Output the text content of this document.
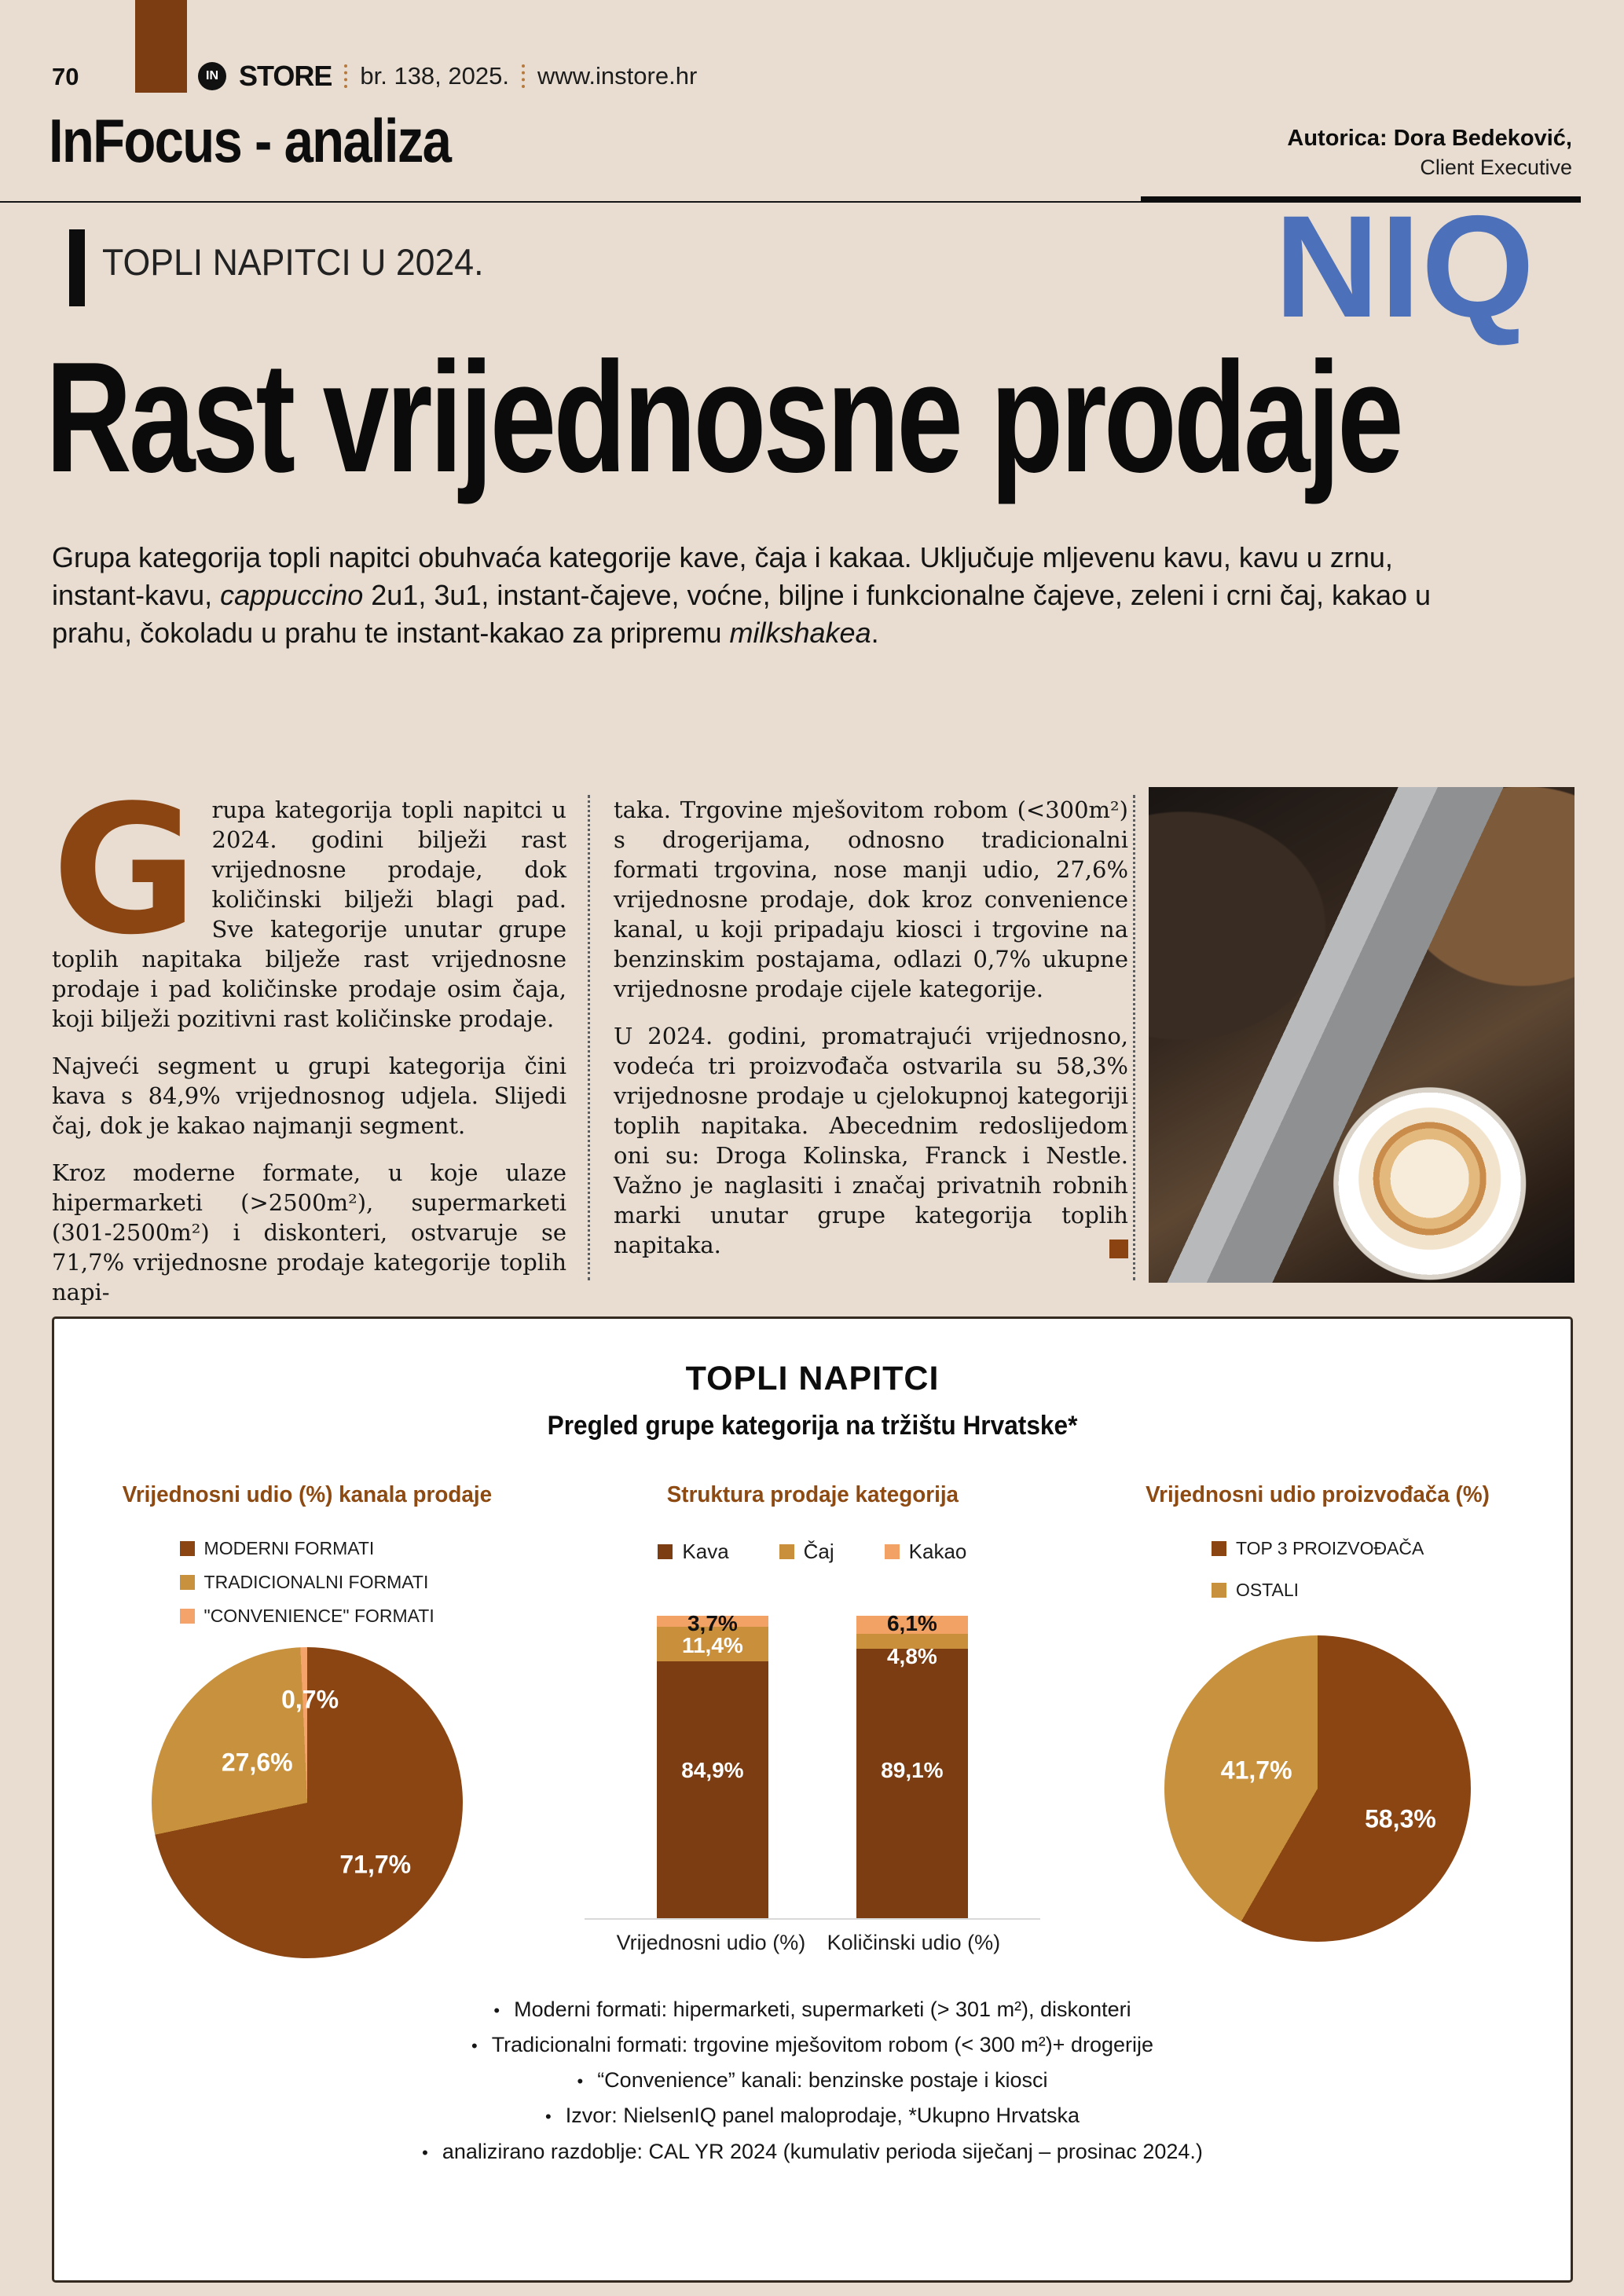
70	IN STORE br. 138, 2025. www.instore.hr
InFocus - analiza	Autorica: Dora Bedeković,
Client Executive
TOPLI NAPITCI U 2024.	NIQ
Rast vrijednosne prodaje
Grupa kategorija topli napitci obuhvaća kategorije kave, čaja i kakaa. Uključuje mljevenu kavu, kavu u zrnu, instant-kavu, cappuccino 2u1, 3u1, instant-čajeve, voćne, biljne i funkcionalne čajeve, zeleni i crni čaj, kakao u prahu, čokoladu u prahu te instant-kakao za pripremu milkshakea.

Grupa kategorija topli napitci u 2024. godini bilježi rast vrijednosne prodaje, dok količinski bilježi blagi pad. Sve kategorije unutar grupe toplih napitaka bilježe rast vrijednosne prodaje i pad količinske prodaje osim čaja, koji bilježi pozitivni rast količinske prodaje.

Najveći segment u grupi kategorija čini kava s 84,9% vrijednosnog udjela. Slijedi čaj, dok je kakao najmanji segment.

Kroz moderne formate, u koje ulaze hipermarketi (>2500m²), supermarketi (301-2500m²) i diskonteri, ostvaruje se 71,7% vrijednosne prodaje kategorije toplih napi-

taka. Trgovine mješovitom robom (<300m²) s drogerijama, odnosno tradicionalni formati trgovina, nose manji udio, 27,6% vrijednosne prodaje, dok kroz convenience kanal, u koji pripadaju kiosci i trgovine na benzinskim postajama, odlazi 0,7% ukupne vrijednosne prodaje cijele kategorije.

U 2024. godini, promatrajući vrijednosno, vodeća tri proizvođača ostvarila su 58,3% vrijednosne prodaje u cjelokupnoj kategoriji toplih napitaka. Abecednim redoslijedom oni su: Droga Kolinska, Franck i Nestle. Važno je naglasiti i značaj privatnih robnih marki unutar grupe kategorija toplih napitaka.

TOPLI NAPITCI
Pregled grupe kategorija na tržištu Hrvatske*
Vrijednosni udio (%) kanala prodaje
MODERNI FORMATI
TRADICIONALNI FORMATI
"CONVENIENCE" FORMATI
71,7%
27,6%
0,7%
Struktura prodaje kategorija
Kava	Čaj	Kakao
3,7%
11,4%
84,9%
6,1%
4,8%
89,1%
Vrijednosni udio (%)	Količinski udio (%)
Vrijednosni udio proizvođača (%)
TOP 3 PROIZVOĐAČA
OSTALI
58,3%
41,7%
• Moderni formati: hipermarketi, supermarketi (> 301 m²), diskonteri
• Tradicionalni formati: trgovine mješovitom robom (< 300 m²)+ drogerije
• “Convenience” kanali: benzinske postaje i kiosci
• Izvor: NielsenIQ panel maloprodaje, *Ukupno Hrvatska
• analizirano razdoblje: CAL YR 2024 (kumulativ perioda siječanj – prosinac 2024.)
